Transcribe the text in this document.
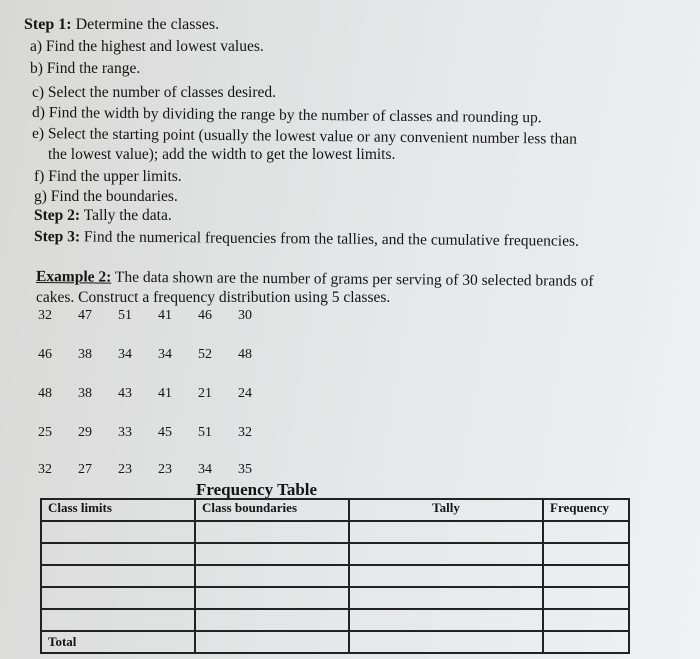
Step 1: Determine the classes.
a) Find the highest and lowest values.
b) Find the range.
c) Select the number of classes desired.
d) Find the width by dividing the range by the number of classes and rounding up.
e) Select the starting point (usually the lowest value or any convenient number less than
the lowest value); add the width to get the lowest limits.
f) Find the upper limits.
g) Find the boundaries.
Step 2: Tally the data.
Step 3: Find the numerical frequencies from the tallies, and the cumulative frequencies.
Example 2: The data shown are the number of grams per serving of 30 selected brands of
cakes. Construct a frequency distribution using 5 classes.
32	47	51	41	46	30
46	38	34	34	52	48
48	38	43	41	21	24
25	29	33	45	51	32
32	27	23	23	34	35
Frequency Table
Class limits	Class boundaries	Tally	Frequency

Total			
